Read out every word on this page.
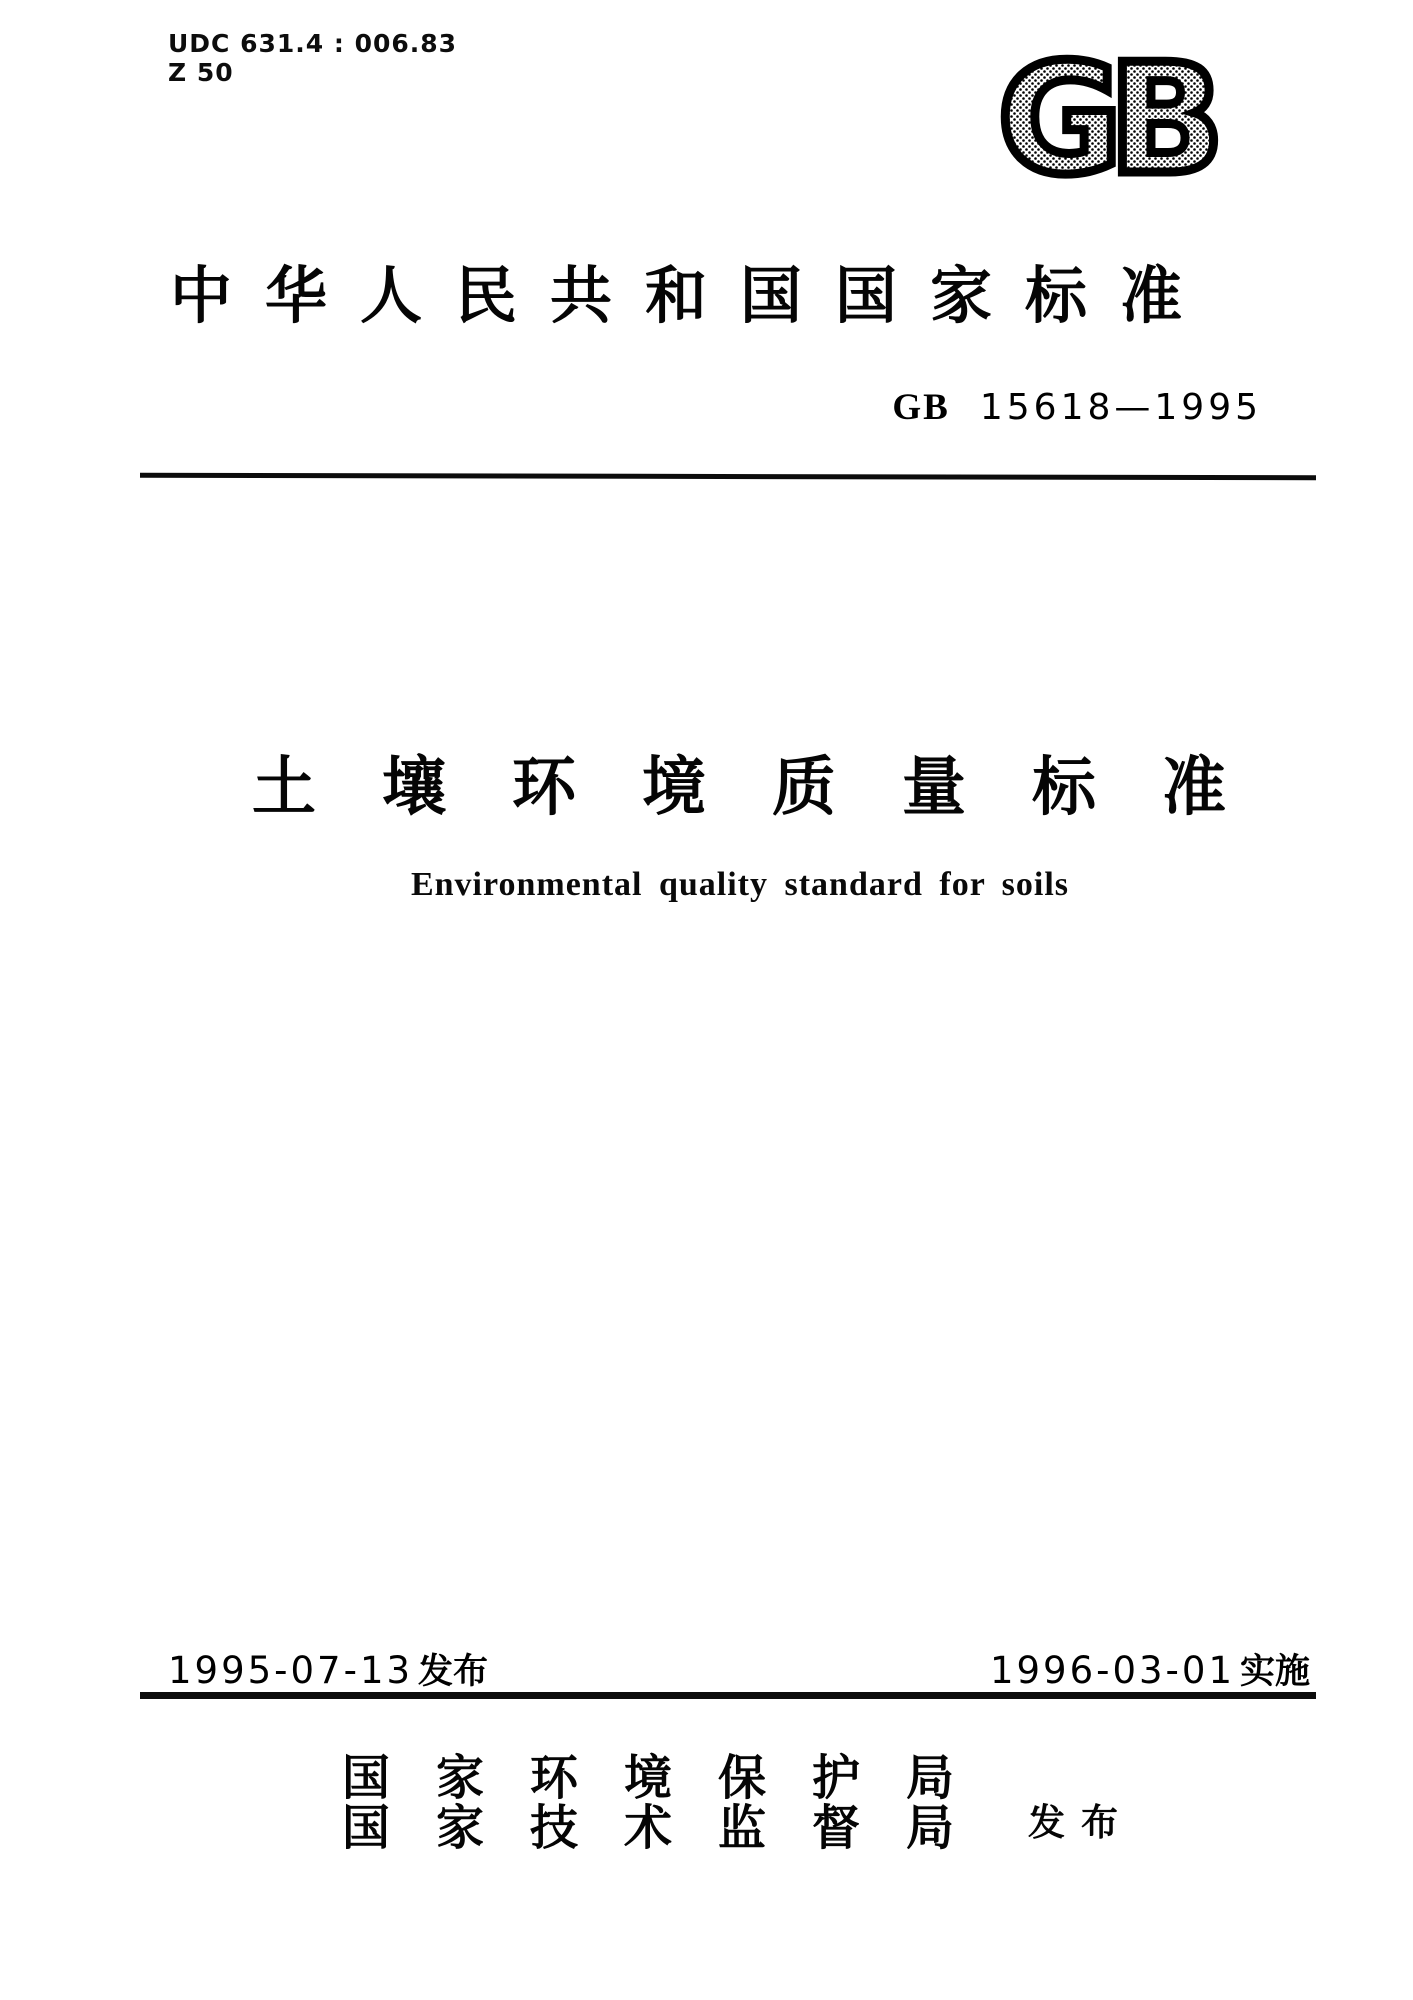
UDC 631.4 : 006.83
Z 50	GB
中华人民共和国国家标准
GB 15618—1995
土壤环境质量标准
Environmental quality standard for soils
1995-07-13 发布	1996-03-01 实施
国家环境保护局
国家技术监督局 发布
